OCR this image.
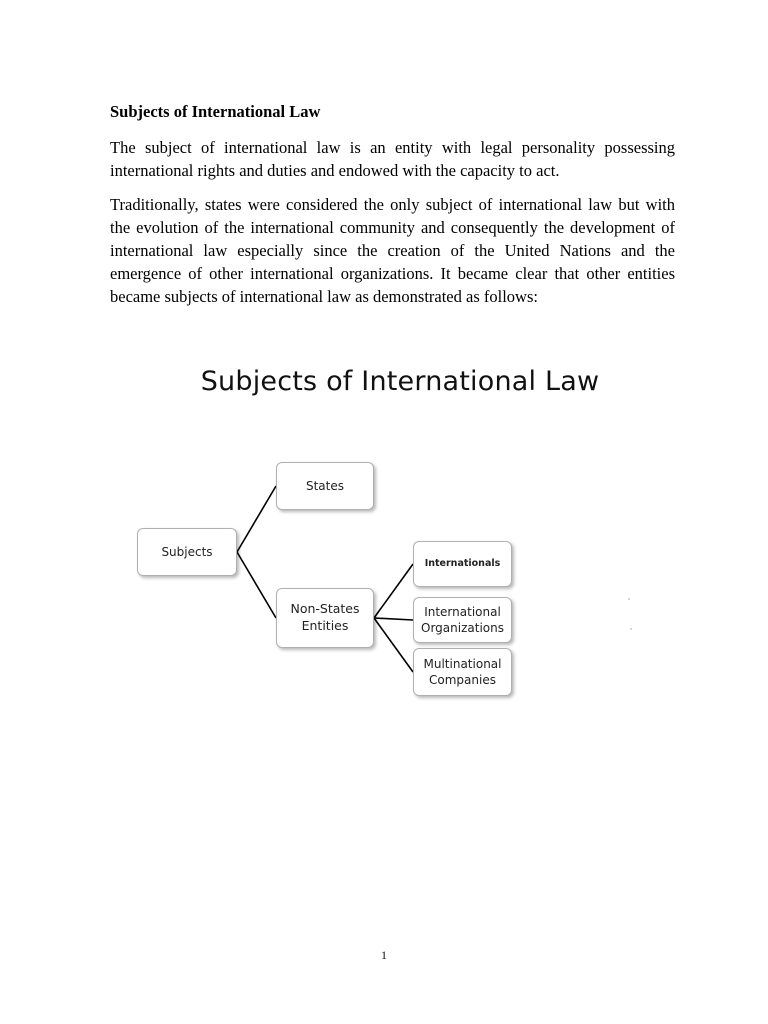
Subjects of International Law
The subject of international law is an entity with legal personality possessing international rights and duties and endowed with the capacity to act.
Traditionally, states were considered the only subject of international law but with the evolution of the international community and consequently the development of international law especially since the creation of the United Nations and the emergence of other international organizations. It became clear that other entities became subjects of international law as demonstrated as follows:
Subjects of International Law
Subjects
States
Non-States
Entities
Internationals
International
Organizations
Multinational
Companies
1
